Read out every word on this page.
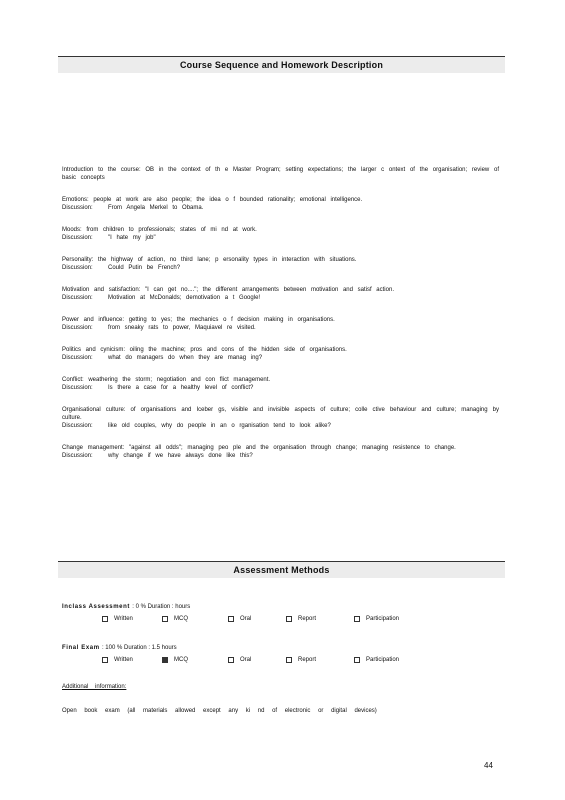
Course Sequence and Homework Description
Introduction to the course: OB in the context of th e Master Program; setting expectations; the larger c ontext of the organisation; review of basic concepts
Emotions: people at work are also people; the idea o f bounded rationality; emotional intelligence.
Discussion:	From Angela Merkel to Obama.
Moods: from children to professionals; states of mi nd at work.
Discussion:	"I hate my job"
Personality: the highway of action, no third lane; p ersonality types in interaction with situations.
Discussion:	Could Putin be French?
Motivation and satisfaction: "I can get no...."; the different arrangements between motivation and satisf action.
Discussion:	Motivation at McDonalds; demotivation a t Google!
Power and influence: getting to yes; the mechanics o f decision making in organisations.
Discussion:	from sneaky rats to power, Maquiavel re visited.
Politics and cynicism: oiling the machine; pros and cons of the hidden side of organisations.
Discussion:	what do managers do when they are manag ing?
Conflict: weathering the storm; negotiation and con flict management.
Discussion:	Is there a case for a healthy level of conflict?
Organisational culture: of organisations and Iceber gs, visible and invisible aspects of culture; colle ctive behaviour and culture; managing by culture.
Discussion:	like old couples, why do people in an o rganisation tend to look alike?
Change management: "against all odds"; managing peo ple and the organisation through change; managing resistence to change.
Discussion:	why change if we have always done like this?
Assessment Methods
Inclass Assessment : 0 % Duration : hours
Written	MCQ	Oral	Report	Participation
Final Exam : 100 % Duration : 1.5 hours
Written	MCQ	Oral	Report	Participation
Additional information:
Open book exam (all materials allowed except any ki nd of electronic or digital devices)
44
